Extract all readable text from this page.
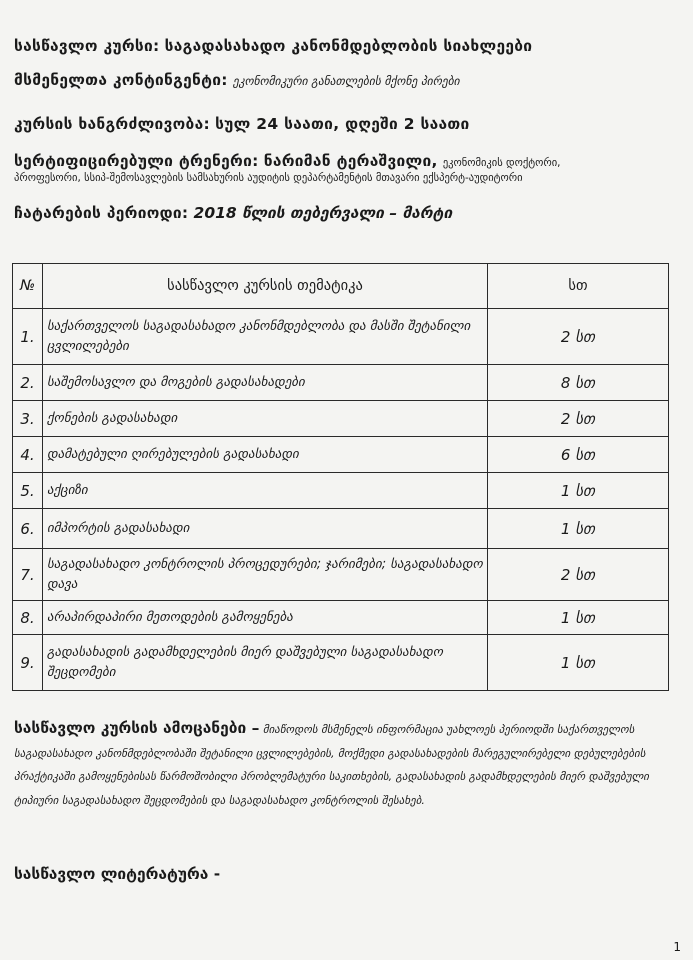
სასწავლო კურსი: საგადასახადო კანონმდებლობის სიახლეები
მსმენელთა კონტინგენტი: ეკონომიკური განათლების მქონე პირები
კურსის ხანგრძლივობა: სულ 24 საათი, დღეში 2 საათი
სერტიფიცირებული ტრენერი: ნარიმან ტერაშვილი, ეკონომიკის დოქტორი,
პროფესორი, სსიპ-შემოსავლების სამსახურის აუდიტის დეპარტამენტის მთავარი ექსპერტ-აუდიტორი
ჩატარების პერიოდი: 2018 წლის თებერვალი – მარტი
№	სასწავლო კურსის თემატიკა	სთ
1.	საქართველოს საგადასახადო კანონმდებლობა და მასში შეტანილი ცვლილებები	2 სთ
2.	საშემოსავლო და მოგების გადასახადები	8 სთ
3.	ქონების გადასახადი	2 სთ
4.	დამატებული ღირებულების გადასახადი	6 სთ
5.	აქციზი	1 სთ
6.	იმპორტის გადასახადი	1 სთ
7.	საგადასახადო კონტროლის პროცედურები; ჯარიმები; საგადასახადო დავა	2 სთ
8.	არაპირდაპირი მეთოდების გამოყენება	1 სთ
9.	გადასახადის გადამხდელების მიერ დაშვებული საგადასახადო შეცდომები	1 სთ
სასწავლო კურსის ამოცანები – მიაწოდოს მსმენელს ინფორმაცია უახლოეს პერიოდში საქართველოს საგადასახადო კანონმდებლობაში შეტანილი ცვლილებების, მოქმედი გადასახადების მარეგულირებელი დებულებების პრაქტიკაში გამოყენებისას წარმოშობილი პრობლემატური საკითხების, გადასახადის გადამხდელების მიერ დაშვებული ტიპიური საგადასახადო შეცდომების და საგადასახადო კონტროლის შესახებ.
სასწავლო ლიტერატურა -
1
